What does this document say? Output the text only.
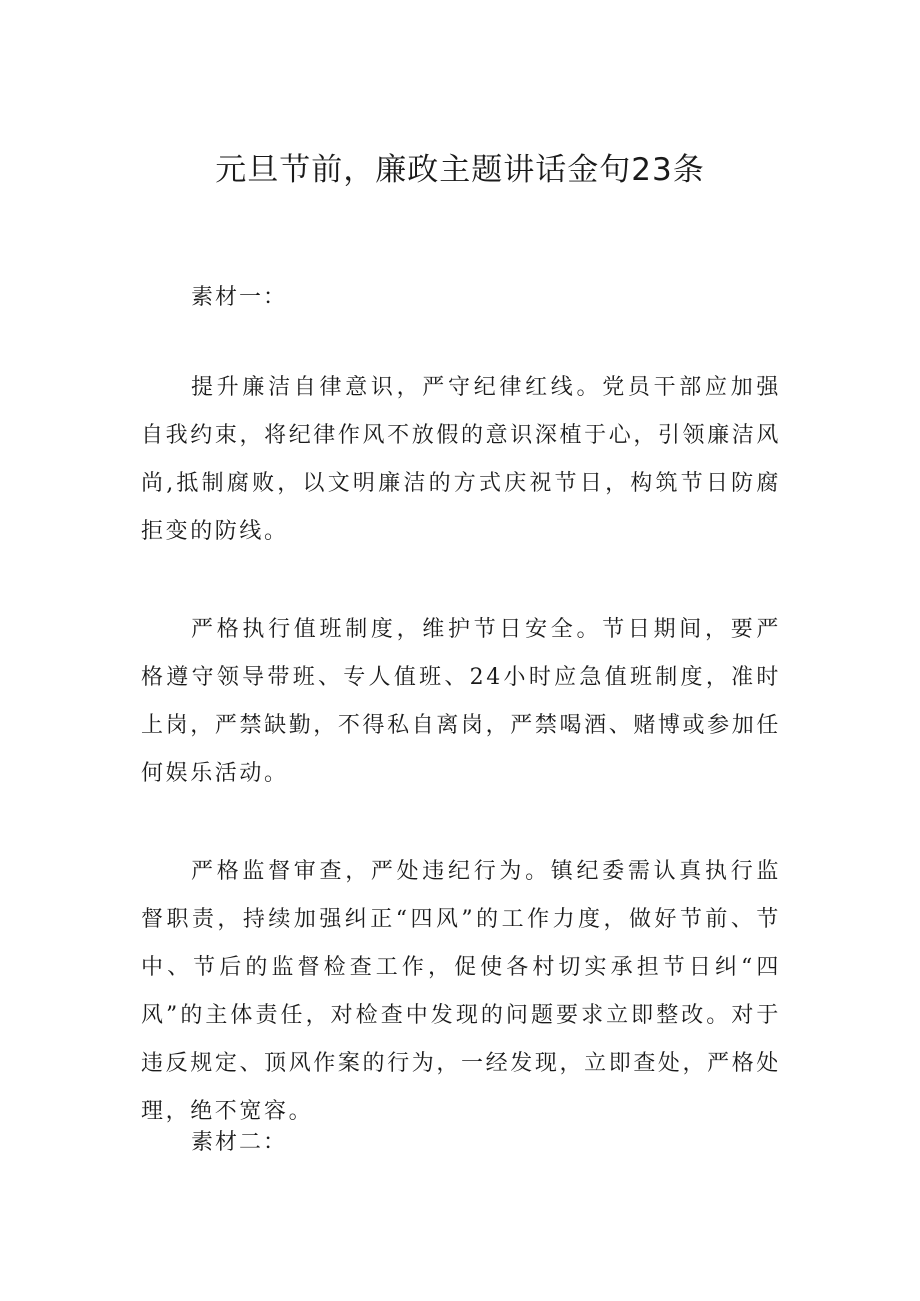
元旦节前，廉政主题讲话金句23条

素材一：

提升廉洁自律意识，严守纪律红线。党员干部应加强自我约束，将纪律作风不放假的意识深植于心，引领廉洁风尚,抵制腐败，以文明廉洁的方式庆祝节日，构筑节日防腐拒变的防线。

严格执行值班制度，维护节日安全。节日期间，要严格遵守领导带班、专人值班、24小时应急值班制度，准时上岗，严禁缺勤，不得私自离岗，严禁喝酒、赌博或参加任何娱乐活动。

严格监督审查，严处违纪行为。镇纪委需认真执行监督职责，持续加强纠正“四风”的工作力度，做好节前、节中、节后的监督检查工作，促使各村切实承担节日纠“四风”的主体责任，对检查中发现的问题要求立即整改。对于违反规定、顶风作案的行为，一经发现，立即查处，严格处理，绝不宽容。

素材二：
